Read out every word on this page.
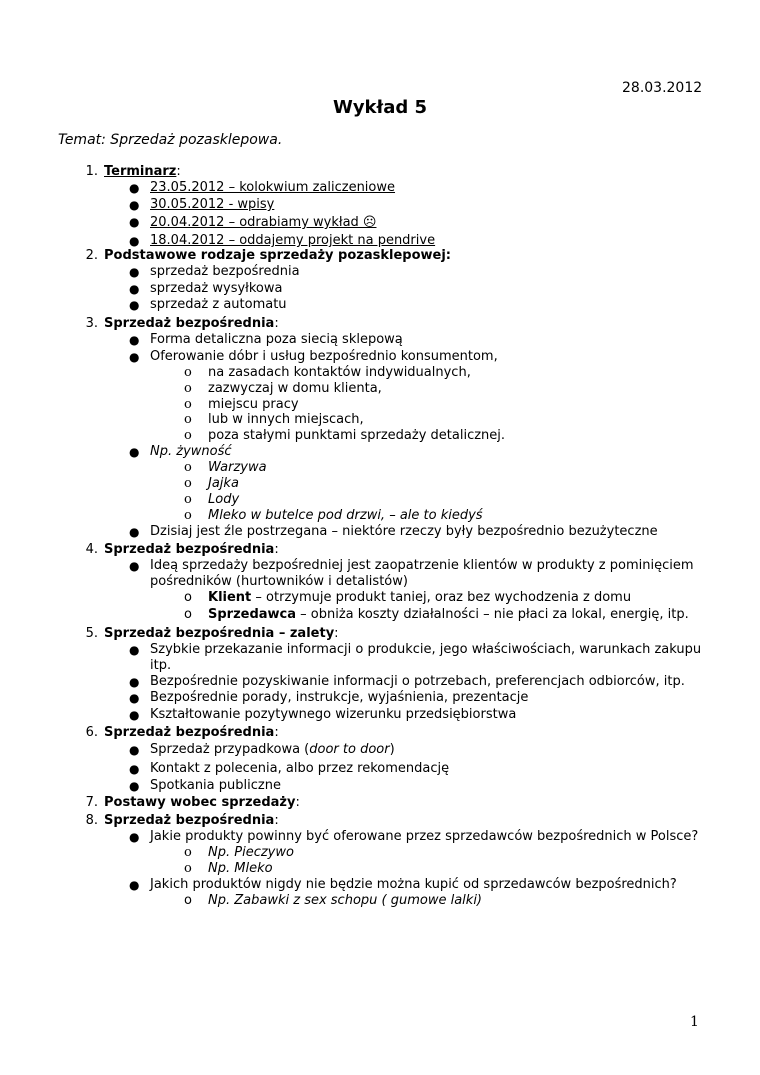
28.03.2012
Wykład 5
Temat: Sprzedaż pozasklepowa.
1. Terminarz:
● 23.05.2012 – kolokwium zaliczeniowe
● 30.05.2012 - wpisy
● 20.04.2012 – odrabiamy wykład ☹
● 18.04.2012 – oddajemy projekt na pendrive
2. Podstawowe rodzaje sprzedaży pozasklepowej:
● sprzedaż bezpośrednia
● sprzedaż wysyłkowa
● sprzedaż z automatu
3. Sprzedaż bezpośrednia:
● Forma detaliczna poza siecią sklepową
● Oferowanie dóbr i usług bezpośrednio konsumentom,
o na zasadach kontaktów indywidualnych,
o zazwyczaj w domu klienta,
o miejscu pracy
o lub w innych miejscach,
o poza stałymi punktami sprzedaży detalicznej.
● Np. żywność
o Warzywa
o Jajka
o Lody
o Mleko w butelce pod drzwi, – ale to kiedyś
● Dzisiaj jest źle postrzegana – niektóre rzeczy były bezpośrednio bezużyteczne
4. Sprzedaż bezpośrednia:
● Ideą sprzedaży bezpośredniej jest zaopatrzenie klientów w produkty z pominięciem
pośredników (hurtowników i detalistów)
o Klient – otrzymuje produkt taniej, oraz bez wychodzenia z domu
o Sprzedawca – obniża koszty działalności – nie płaci za lokal, energię, itp.
5. Sprzedaż bezpośrednia – zalety:
● Szybkie przekazanie informacji o produkcie, jego właściwościach, warunkach zakupu
itp.
● Bezpośrednie pozyskiwanie informacji o potrzebach, preferencjach odbiorców, itp.
● Bezpośrednie porady, instrukcje, wyjaśnienia, prezentacje
● Kształtowanie pozytywnego wizerunku przedsiębiorstwa
6. Sprzedaż bezpośrednia:
● Sprzedaż przypadkowa (door to door)
● Kontakt z polecenia, albo przez rekomendację
● Spotkania publiczne
7. Postawy wobec sprzedaży:
8. Sprzedaż bezpośrednia:
● Jakie produkty powinny być oferowane przez sprzedawców bezpośrednich w Polsce?
o Np. Pieczywo
o Np. Mleko
● Jakich produktów nigdy nie będzie można kupić od sprzedawców bezpośrednich?
o Np. Zabawki z sex schopu ( gumowe lalki)
1
